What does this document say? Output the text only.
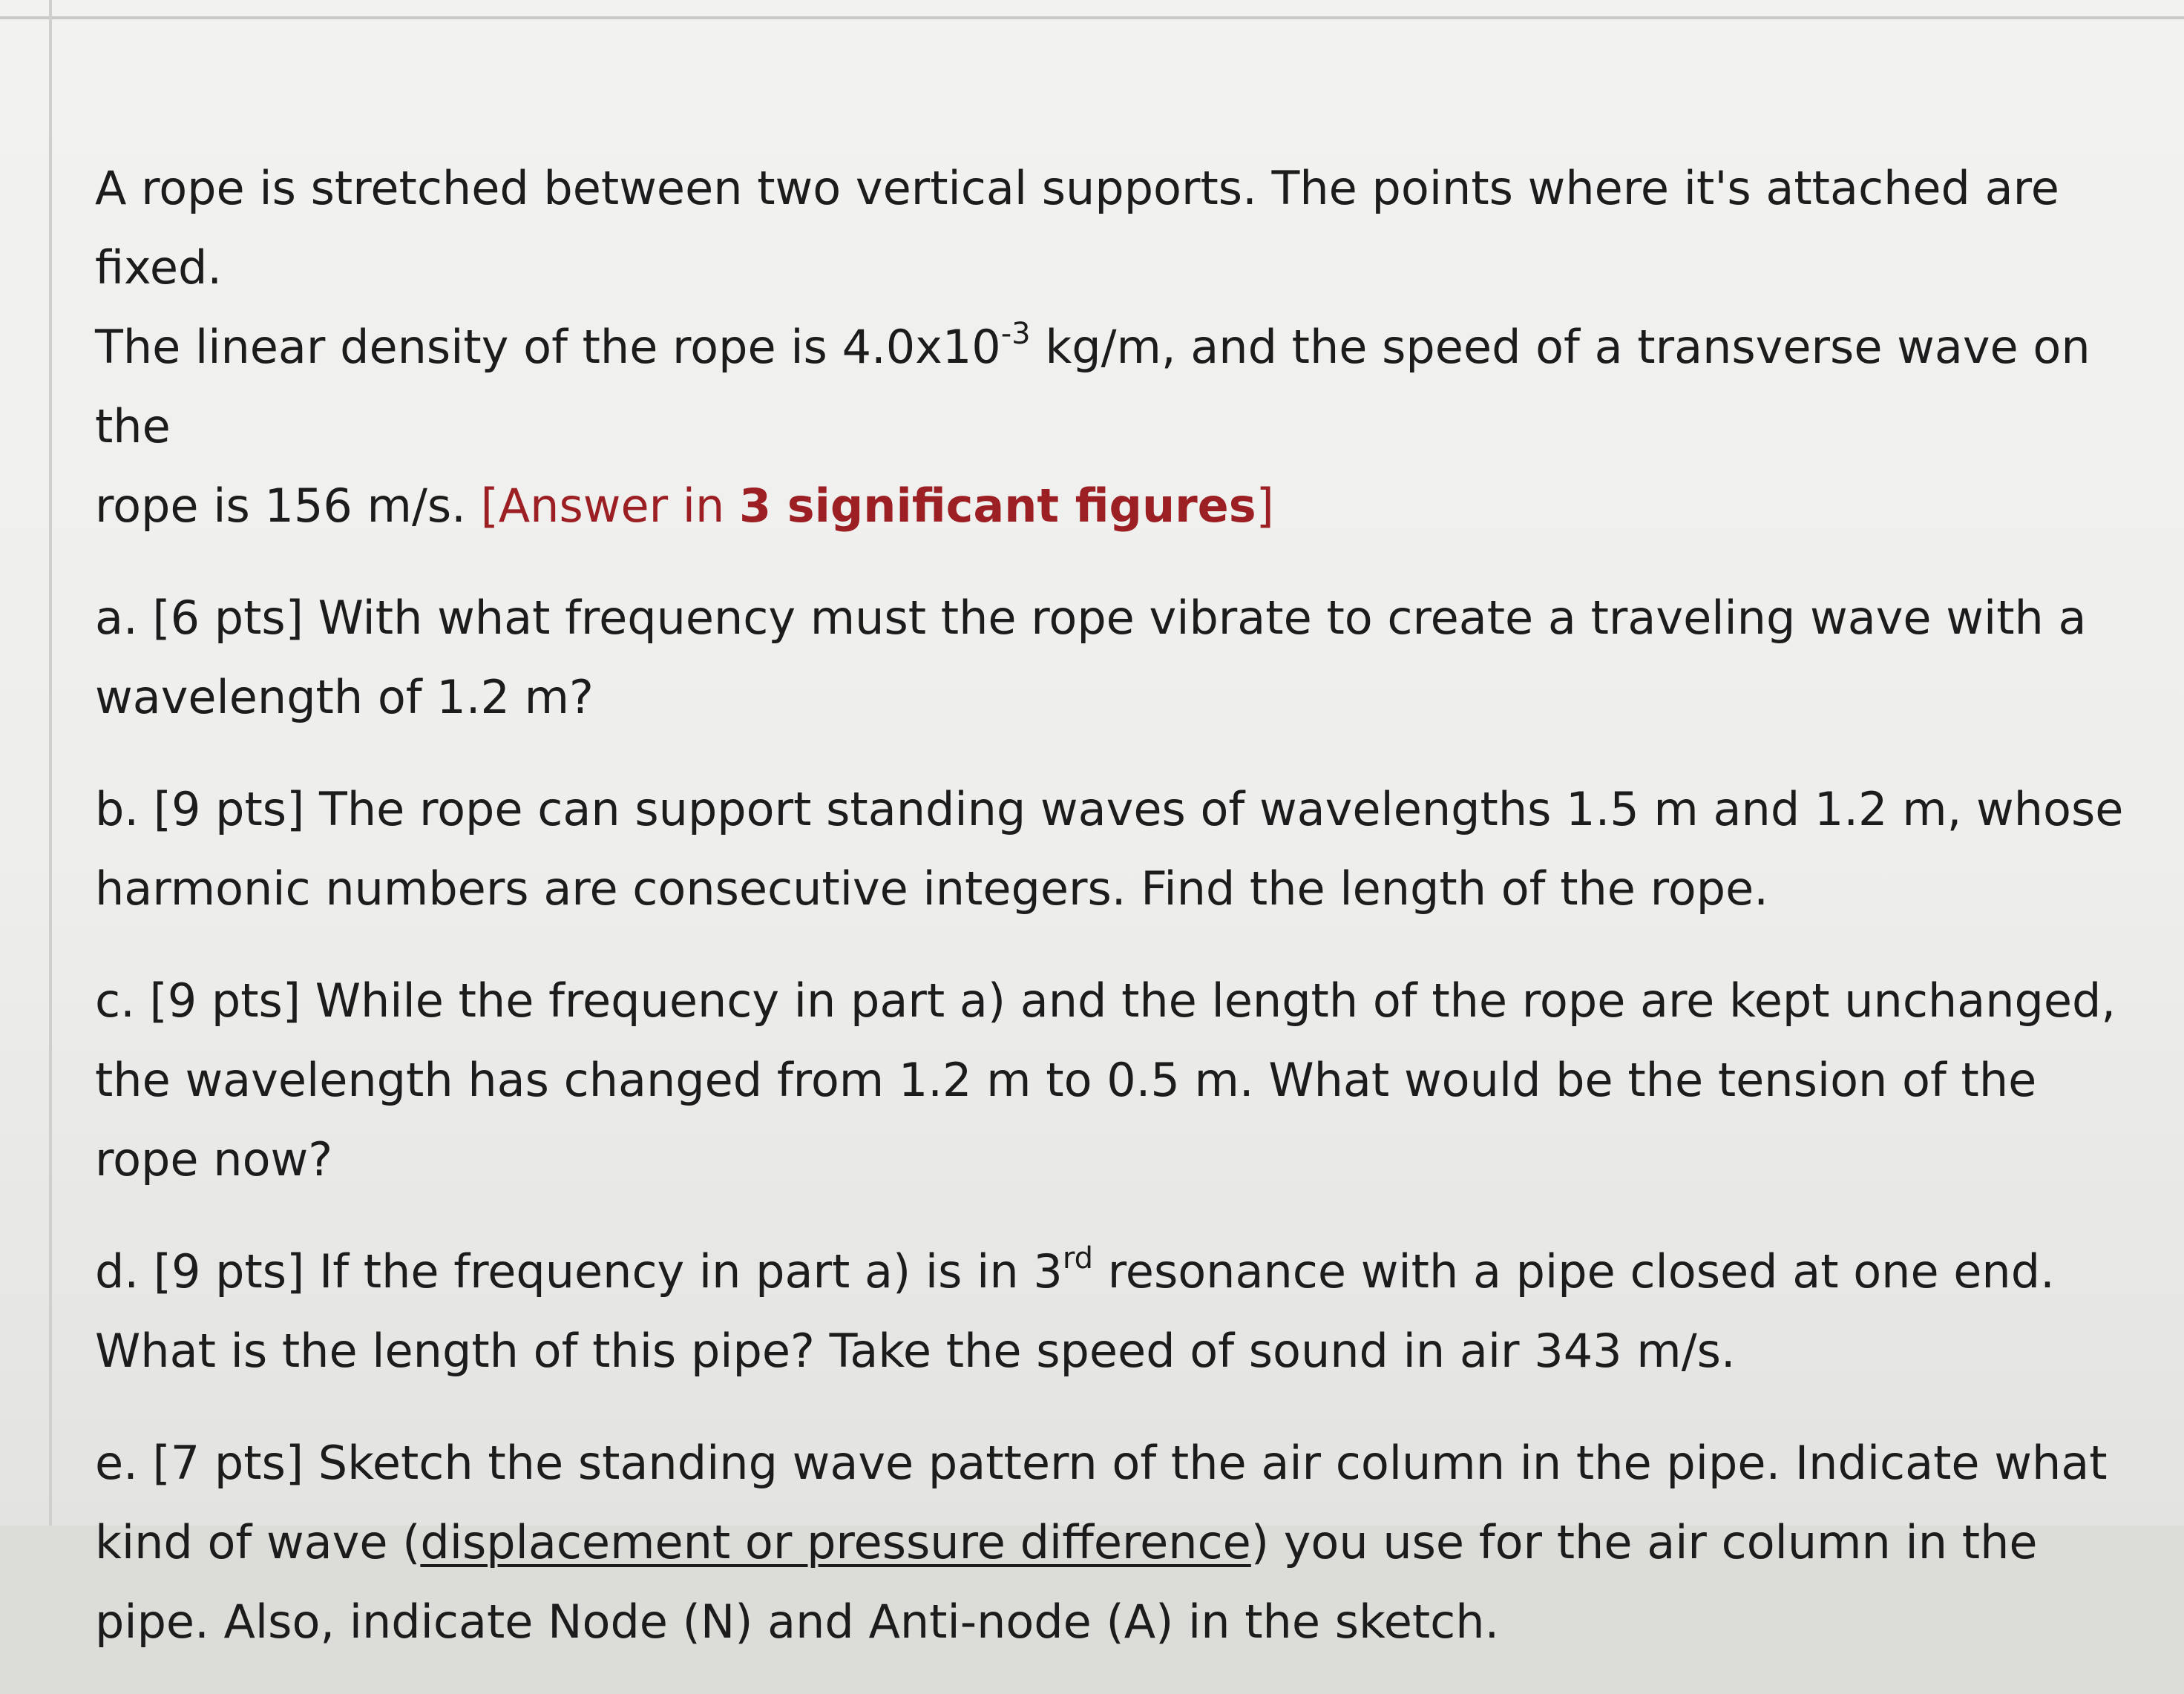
A rope is stretched between two vertical supports. The points where it's attached are fixed.
The linear density of the rope is $4.0x10^{-3}$ kg/m, and the speed of a transverse wave on the
rope is 156 m/s. [Answer in 3 significant figures]
a. [6 pts] With what frequency must the rope vibrate to create a traveling wave with a wavelength of 1.2 m?
b. [9 pts] The rope can support standing waves of wavelengths 1.5 m and 1.2 m, whose harmonic numbers are consecutive integers. Find the length of the rope.
c. [9 pts] While the frequency in part a) and the length of the rope are kept unchanged, the wavelength has changed from 1.2 m to 0.5 m. What would be the tension of the rope now?
d. [9 pts] If the frequency in part a) is in 3rd resonance with a pipe closed at one end. What is the length of this pipe? Take the speed of sound in air 343 m/s.
e. [7 pts] Sketch the standing wave pattern of the air column in the pipe. Indicate what kind of wave (displacement or pressure difference) you use for the air column in the pipe. Also, indicate Node (N) and Anti-node (A) in the sketch.
